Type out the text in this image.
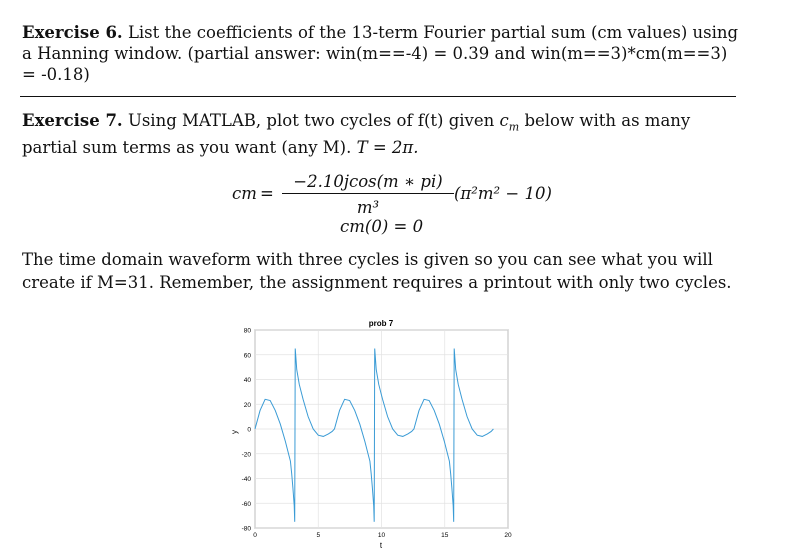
Exercise 6. List the coefficients of the 13-term Fourier partial sum (cm values) using a Hanning window. (partial answer: win(m==-4) = 0.39 and win(m==3)*cm(m==3) = -0.18)
Exercise 7. Using MATLAB, plot two cycles of f(t) given $c_m$ below with as many partial sum terms as you want (any M). T = 2π.
cm = $\frac{-2.10jcos(m ∗ pi)}{\text{m³}} (\pi^2m^2 - 10)$
cm(0) = 0
The time domain waveform with three cycles is given so you can see what you will create if M=31. Remember, the assignment requires a printout with only two cycles.
80
60
40
20
0
-20
-40
-60
-80
0	5	10	15	20
prob 7
t
y
